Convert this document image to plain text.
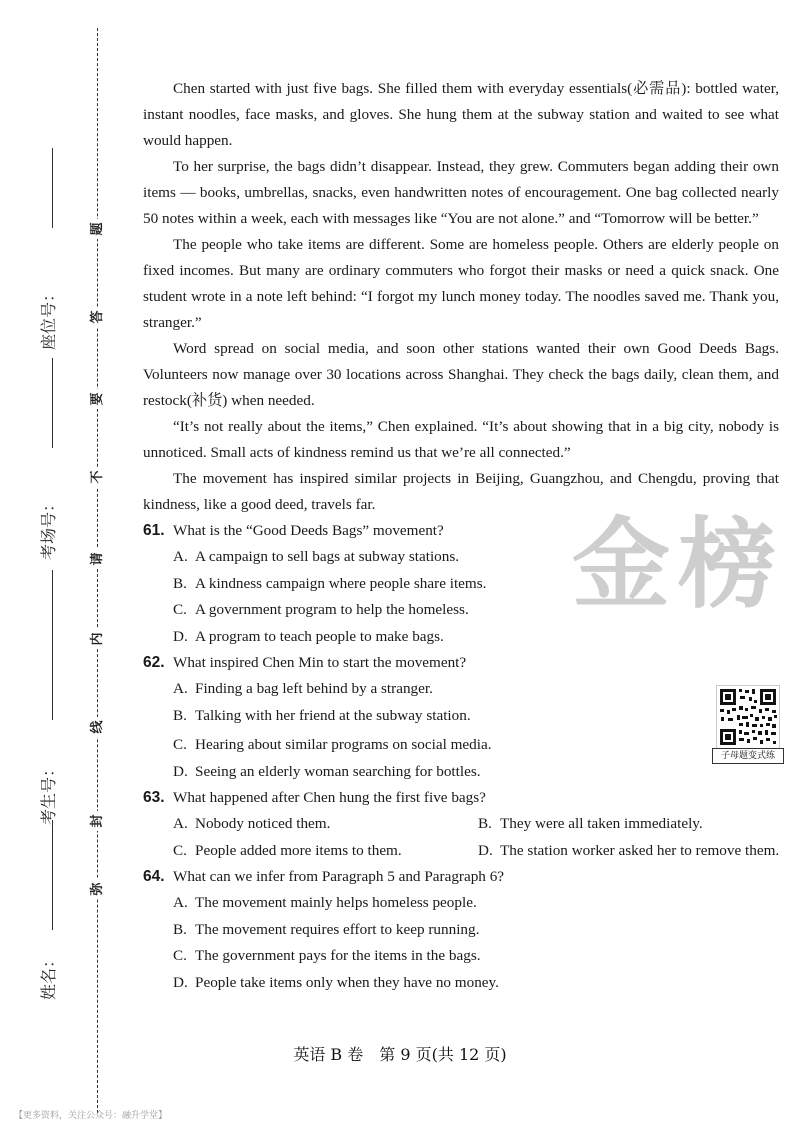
座位号：
考场号：
考生号：
姓名：
题
答
要
不
请
内
线
封
弥
金榜

Chen started with just five bags. She filled them with everyday essentials(必需品): bottled water, instant noodles, face masks, and gloves. She hung them at the subway station and waited to see what would happen.

To her surprise, the bags didn’t disappear. Instead, they grew. Commuters began adding their own items — books, umbrellas, snacks, even handwritten notes of encouragement. One bag collected nearly 50 notes within a week, each with messages like “You are not alone.” and “Tomorrow will be better.”

The people who take items are different. Some are homeless people. Others are elderly people on fixed incomes. But many are ordinary commuters who forgot their masks or need a quick snack. One student wrote in a note left behind: “I forgot my lunch money today. The noodles saved me. Thank you, stranger.”

Word spread on social media, and soon other stations wanted their own Good Deeds Bags. Volunteers now manage over 30 locations across Shanghai. They check the bags daily, clean them, and restock(补货) when needed.

“It’s not really about the items,” Chen explained. “It’s about showing that in a big city, nobody is unnoticed. Small acts of kindness remind us that we’re all connected.”

The movement has inspired similar projects in Beijing, Guangzhou, and Chengdu, proving that kindness, like a good deed, travels far.

61. What is the “Good Deeds Bags” movement?
A. A campaign to sell bags at subway stations.
B. A kindness campaign where people share items.
C. A government program to help the homeless.
D. A program to teach people to make bags.
62. What inspired Chen Min to start the movement?
A. Finding a bag left behind by a stranger.
B. Talking with her friend at the subway station.
C. Hearing about similar programs on social media.
D. Seeing an elderly woman searching for bottles.
63. What happened after Chen hung the first five bags?
A. Nobody noticed them.	B. They were all taken immediately.
C. People added more items to them.	D. The station worker asked her to remove them.
64. What can we infer from Paragraph 5 and Paragraph 6?
A. The movement mainly helps homeless people.
B. The movement requires effort to keep running.
C. The government pays for the items in the bags.
D. People take items only when they have no money.
子母题变式练
英语 B 卷　第 9 页(共 12 页)
【更多资料，关注公众号：融升学堂】
